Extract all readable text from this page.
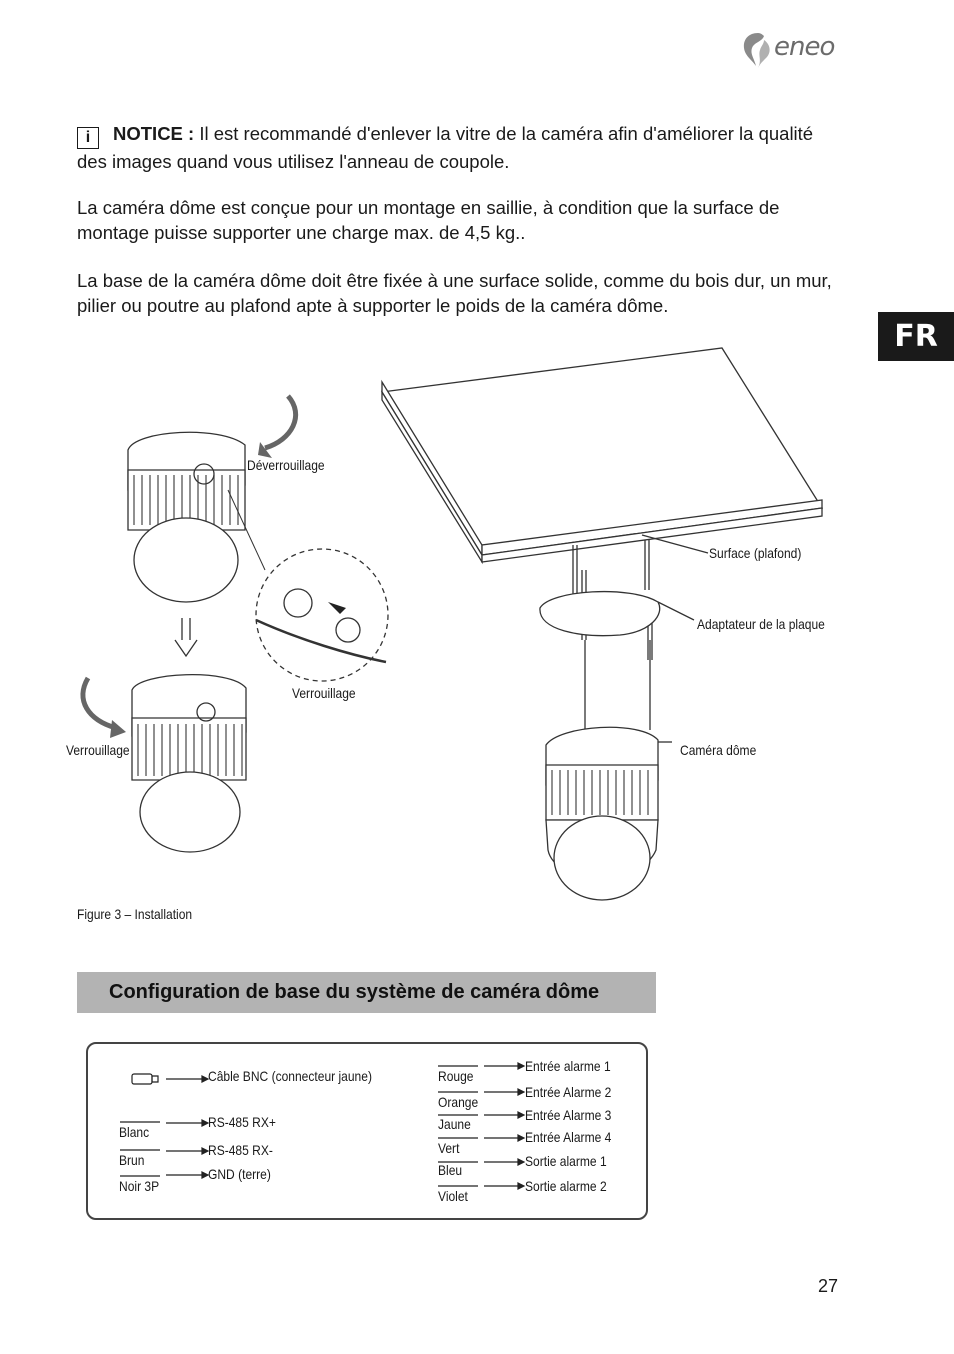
eneo
FR
i NOTICE : Il est recommandé d'enlever la vitre de la caméra afin d'améliorer la qualité des images quand vous utilisez l'anneau de coupole.
La caméra dôme est conçue pour un montage en saillie, à condition que la surface de montage puisse supporter une charge max. de 4,5 kg..
La base de la caméra dôme doit être fixée à une surface solide, comme du bois dur, un mur, pilier ou poutre au plafond apte à supporter le poids de la caméra dôme.
Déverrouillage
Verrouillage
Verrouillage
Surface (plafond)
Adaptateur de la plaque
Caméra dôme
Figure 3 – Installation
Configuration de base du système de caméra dôme
Câble BNC (connecteur jaune)
Blanc
RS-485 RX+
Brun
RS-485 RX-
Noir 3P
GND (terre)
Rouge
Entrée alarme 1
Orange
Entrée Alarme 2
Jaune
Entrée Alarme 3
Vert
Entrée Alarme 4
Bleu
Sortie alarme 1
Violet
Sortie alarme 2
27
